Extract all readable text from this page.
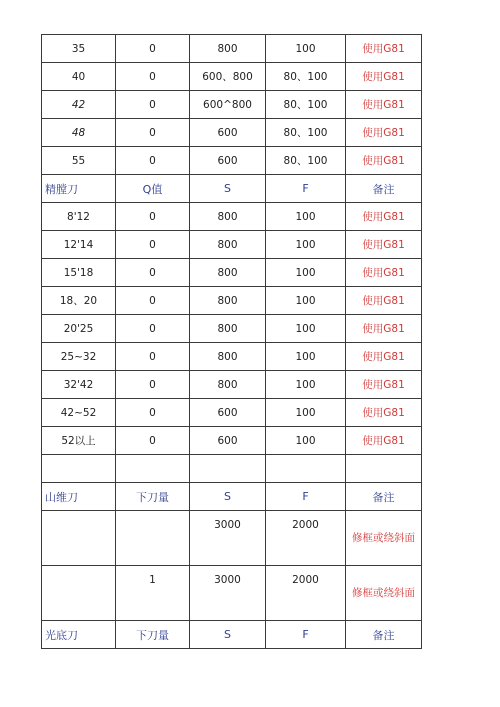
35	0	800	100	使用G81
40	0	600、800	80、100	使用G81
42	0	600^800	80、100	使用G81
48	0	600	80、100	使用G81
55	0	600	80、100	使用G81
精膛刀	Q值	S	F	备注
8'12	0	800	100	使用G81
12'14	0	800	100	使用G81
15'18	0	800	100	使用G81
18、20	0	800	100	使用G81
20'25	0	800	100	使用G81
25~32	0	800	100	使用G81
32'42	0	800	100	使用G81
42~52	0	600	100	使用G81
52以上	0	600	100	使用G81

山维刀	下刀量	S	F	备注

		3000	2000	修框或绕斜面

	1	3000	2000	修框或绕斜面
光底刀	下刀量	S	F	备注
